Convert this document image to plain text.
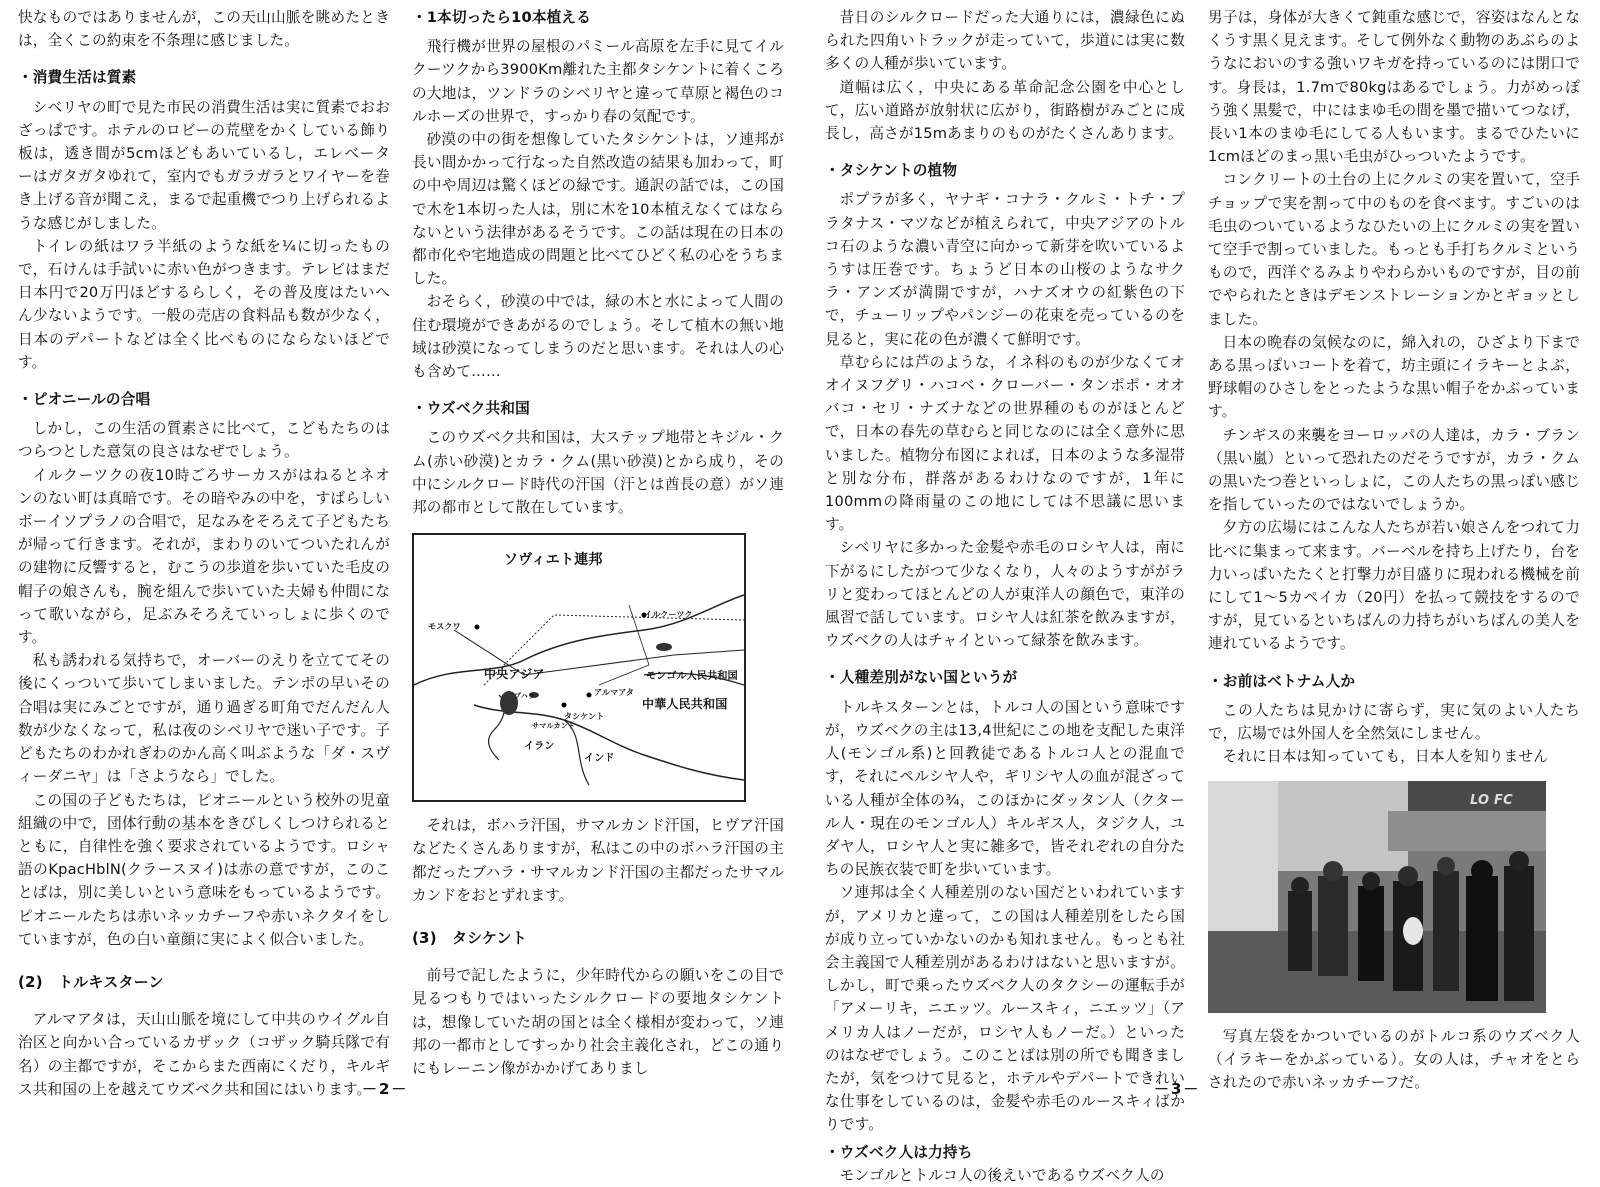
快なものではありませんが，この天山山脈を眺めたときは，全くこの約束を不条理に感じました。

・消費生活は質素

シベリヤの町で見た市民の消費生活は実に質素でおおざっぱです。ホテルのロビーの荒壁をかくしている飾り板は，透き間が5cmほどもあいているし，エレベーターはガタガタゆれて，室内でもガラガラとワイヤーを巻き上げる音が聞こえ，まるで起重機でつり上げられるような感じがしました。

トイレの紙はワラ半紙のような紙を¼に切ったもので，石けんは手試いに赤い色がつきます。テレビはまだ日本円で20万円ほどするらしく，その普及度はたいへん少ないようです。一般の売店の食料品も数が少なく，日本のデパートなどは全く比べものにならないほどです。

・ピオニールの合唱

しかし，この生活の質素さに比べて，こどもたちのはつらつとした意気の良さはなぜでしょう。

イルクーツクの夜10時ごろサーカスがはねるとネオンのない町は真暗です。その暗やみの中を，すばらしいボーイソプラノの合唱で，足なみをそろえて子どもたちが帰って行きます。それが，まわりのいてついたれんがの建物に反響すると，むこうの歩道を歩いていた毛皮の帽子の娘さんも，腕を組んで歩いていた夫婦も仲間になって歌いながら，足ぶみそろえていっしょに歩くのです。

私も誘われる気持ちで，オーバーのえりを立ててその後にくっついて歩いてしまいました。テンポの早いその合唱は実にみごとですが，通り過ぎる町角でだんだん人数が少なくなって，私は夜のシベリヤで迷い子です。子どもたちのわかれぎわのかん高く叫ぶような「ダ・スヴィーダニヤ」は「さようなら」でした。

この国の子どもたちは，ピオニールという校外の児童組織の中で，団体行動の基本をきびしくしつけられるとともに，自律性を強く要求されているようです。ロシャ語のKpacHblN(クラースヌイ)は赤の意ですが，このことばは，別に美しいという意味をもっているようです。ピオニールたちは赤いネッカチーフや赤いネクタイをしていますが，色の白い童顔に実によく似合いました。

(2)　トルキスターン

アルマアタは，天山山脈を境にして中共のウイグル自治区と向かい合っているカザック（コザック騎兵隊で有名）の主都ですが，そこからまた西南にくだり，キルギス共和国の上を越えてウズベク共和国にはいります。

・1本切ったら10本植える

飛行機が世界の屋根のパミール高原を左手に見てイルクーツクから3900Km離れた主都タシケントに着くころの大地は，ツンドラのシベリヤと違って草原と褐色のコルホーズの世界で，すっかり春の気配です。

砂漠の中の街を想像していたタシケントは，ソ連邦が長い間かかって行なった自然改造の結果も加わって，町の中や周辺は驚くほどの緑です。通訳の話では，この国で木を1本切った人は，別に木を10本植えなくてはならないという法律があるそうです。この話は現在の日本の都市化や宅地造成の問題と比べてひどく私の心をうちました。

おそらく，砂漠の中では，緑の木と水によって人間の住む環境ができあがるのでしょう。そして植木の無い地域は砂漠になってしまうのだと思います。それは人の心も含めて……

・ウズベク共和国

このウズベク共和国は，大ステップ地帯とキジル・クム(赤い砂漠)とカラ・クム(黒い砂漠)とから成り，その中にシルクロード時代の汗国（汗とは酋長の意）がソ連邦の都市として散在しています。

ソヴィエト連邦
モスクワ
タシケント
イルクーツク
中央アジア
アルマアタ
モンゴル人民共和国
中華人民共和国
イラン
インド
サマルカンド
ブハラ

それは，ボハラ汗国，サマルカンド汗国，ヒヴア汗国などたくさんありますが，私はこの中のボハラ汗国の主都だったブハラ・サマルカンド汗国の主都だったサマルカンドをおとずれます。

(3)　タシケント

前号で記したように，少年時代からの願いをこの目で見るつもりではいったシルクロードの要地タシケントは，想像していた胡の国とは全く様相が変わって，ソ連邦の一都市としてすっかり社会主義化され，どこの通りにもレーニン像がかかげてありまし

－2－

昔日のシルクロードだった大通りには，濃緑色にぬられた四角いトラックが走っていて，歩道には実に数多くの人種が歩いています。

道幅は広く，中央にある革命記念公園を中心として，広い道路が放射状に広がり，街路樹がみごとに成長し，高さが15mあまりのものがたくさんあります。

・タシケントの植物

ポプラが多く，ヤナギ・コナラ・クルミ・トチ・プラタナス・マツなどが植えられて，中央アジアのトルコ石のような濃い青空に向かって新芽を吹いているようすは圧巻です。ちょうど日本の山桜のようなサクラ・アンズが満開ですが，ハナズオウの紅紫色の下で，チューリップやパンジーの花束を売っているのを見ると，実に花の色が濃くて鮮明です。

草むらには芦のような，イネ科のものが少なくてオオイヌフグリ・ハコベ・クローバー・タンポポ・オオバコ・セリ・ナズナなどの世界種のものがほとんどで，日本の春先の草むらと同じなのには全く意外に思いました。植物分布図によれば，日本のような多湿帯と別な分布，群落があるわけなのですが，1年に100mmの降雨量のこの地にしては不思議に思います。

シベリヤに多かった金髪や赤毛のロシヤ人は，南に下がるにしたがつて少なくなり，人々のようすががラリと変わってほとんどの人が東洋人の顔色で，東洋の風習で話しています。ロシヤ人は紅茶を飲みますが，ウズベクの人はチャイといって緑茶を飲みます。

・人種差別がない国というが

トルキスターンとは，トルコ人の国という意味ですが，ウズベクの主は13,4世紀にこの地を支配した東洋人(モンゴル系)と回教徒であるトルコ人との混血です，それにペルシヤ人や，ギリシヤ人の血が混ざっている人種が全体の¾，このほかにダッタン人（クタール人・現在のモンゴル人）キルギス人，タジク人，ユダヤ人，ロシヤ人と実に雑多で，皆それぞれの自分たちの民族衣装で町を歩いています。

ソ連邦は全く人種差別のない国だといわれていますが，アメリカと違って，この国は人種差別をしたら国が成り立っていかないのかも知れません。もっとも社会主義国で人種差別があるわけはないと思いますが。しかし，町で乗ったウズベク人のタクシーの運転手が「アメーリキ，ニエッツ。ルースキィ，ニエッツ」（アメリカ人はノーだが，ロシヤ人もノーだ。）といったのはなぜでしょう。このことばは別の所でも聞きましたが，気をつけて見ると，ホテルやデパートできれいな仕事をしているのは，金髪や赤毛のルースキィばかりです。

・ウズベク人は力持ち

モンゴルとトルコ人の後えいであるウズベク人の

男子は，身体が大きくて鈍重な感じで，容姿はなんとなくうす黒く見えます。そして例外なく動物のあぶらのようなにおいのする強いワキガを持っているのには閉口です。身長は，1.7mで80kgはあるでしょう。力がめっぽう強く黒髪で，中にはまゆ毛の間を墨で描いてつなげ，長い1本のまゆ毛にしてる人もいます。まるでひたいに1cmほどのまっ黒い毛虫がひっついたようです。

コンクリートの土台の上にクルミの実を置いて，空手チョップで実を割って中のものを食べます。すごいのは毛虫のついているようなひたいの上にクルミの実を置いて空手で割っていました。もっとも手打ちクルミというもので，西洋ぐるみよりやわらかいものですが，目の前でやられたときはデモンストレーションかとギョッとしました。

日本の晩春の気候なのに，綿入れの，ひざより下まである黒っぽいコートを着て，坊主頭にイラキーとよぶ，野球帽のひさしをとったような黒い帽子をかぶっています。

チンギスの来襲をヨーロッパの人達は，カラ・ブラン（黒い嵐）といって恐れたのだそうですが，カラ・クムの黒いたつ巻といっしょに，この人たちの黒っぽい感じを指していったのではないでしょうか。

夕方の広場にはこんな人たちが若い娘さんをつれて力比べに集まって来ます。バーベルを持ち上げたり，台を力いっぱいたたくと打撃力が目盛りに現われる機械を前にして1～5カペイカ（20円）を払って競技をするのですが，見ているといちばんの力持ちがいちばんの美人を連れているようです。

・お前はベトナム人か

この人たちは見かけに寄らず，実に気のよい人たちで，広場では外国人を全然気にしません。

それに日本は知っていても，日本人を知りません

LO FC

写真左袋をかついでいるのがトルコ系のウズベク人（イラキーをかぶっている）。女の人は，チャオをとらされたので赤いネッカチーフだ。

－3－
